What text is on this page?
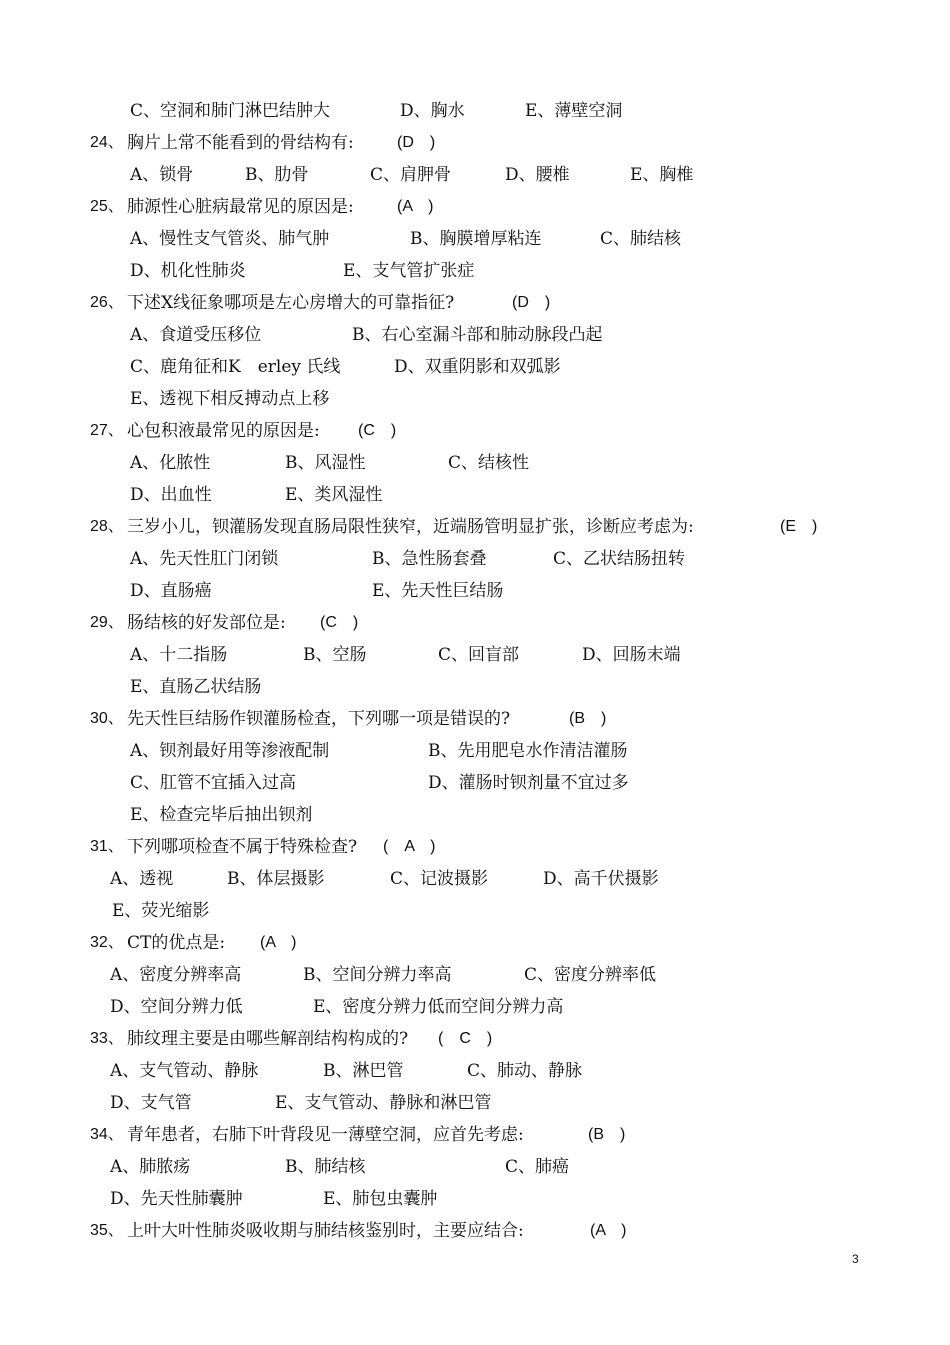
C、空洞和肺门淋巴结肿大	D、胸水	E、薄壁空洞
24、 胸片上常不能看到的骨结构有:	(D　)
A、锁骨	B、肋骨	C、肩胛骨	D、腰椎	E、胸椎
25、 肺源性心脏病最常见的原因是:	(A　)
A、慢性支气管炎、肺气肿	B、胸膜增厚粘连	C、肺结核
D、机化性肺炎	E、支气管扩张症
26、 下述X线征象哪项是左心房增大的可靠指征?	(D　)
A、食道受压移位	B、右心室漏斗部和肺动脉段凸起
C、鹿角征和K　erley 氏线	D、双重阴影和双弧影
E、透视下相反搏动点上移
27、 心包积液最常见的原因是: (C　)
A、化脓性	B、风湿性	C、结核性
D、出血性	E、类风湿性
28、 三岁小儿，钡灌肠发现直肠局限性狭窄，近端肠管明显扩张，诊断应考虑为:	(E　)
A、先天性肛门闭锁	B、急性肠套叠	C、乙状结肠扭转
D、直肠癌	E、先天性巨结肠
29、 肠结核的好发部位是: (C　)
A、十二指肠	B、空肠	C、回盲部	D、回肠末端
E、直肠乙状结肠
30、 先天性巨结肠作钡灌肠检查，下列哪一项是错误的?	(B　)
A、钡剂最好用等渗液配制	B、先用肥皂水作清洁灌肠
C、肛管不宜插入过高	D、灌肠时钡剂量不宜过多
E、检查完毕后抽出钡剂
31、 下列哪项检查不属于特殊检查? (　A　)
A、透视	B、体层摄影	C、记波摄影	D、高千伏摄影
E、荧光缩影
32、 CT的优点是: (A　)
A、密度分辨率高	B、空间分辨力率高	C、密度分辨率低
D、空间分辨力低	E、密度分辨力低而空间分辨力高
33、 肺纹理主要是由哪些解剖结构构成的? (　C　)
A、支气管动、静脉	B、淋巴管	C、肺动、静脉
D、支气管	E、支气管动、静脉和淋巴管
34、 青年患者，右肺下叶背段见一薄壁空洞，应首先考虑:	(B　)
A、肺脓疡	B、肺结核	C、肺癌
D、先天性肺囊肿	E、肺包虫囊肿
35、 上叶大叶性肺炎吸收期与肺结核鉴别时，主要应结合:	(A　)
3
